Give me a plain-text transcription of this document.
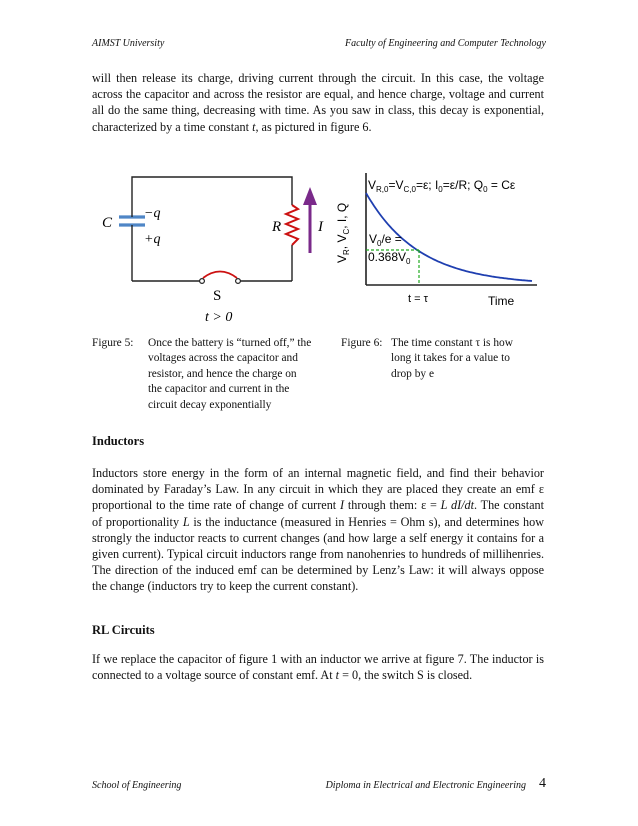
AIMST University	Faculty of Engineering and Computer Technology
will then release its charge, driving current through the circuit. In this case, the voltage across the capacitor and across the resistor are equal, and hence charge, voltage and current all do the same thing, decreasing with time. As you saw in class, this decay is exponential, characterized by a time constant t, as pictured in figure 6.
C
−q
+q
R I
S
t > 0
$V_R$, $V_C$, I, Q
$V_{R,0}=V_{C,0}=\varepsilon$; $I_0=\varepsilon/R$; $Q_0 = C\varepsilon$
$V_0/e$ =
$0.368V_0$
t = τ	Time
Figure 5: Once the battery is “turned off,” the
voltages across the capacitor and
resistor, and hence the charge on
the capacitor and current in the
circuit decay exponentially
Figure 6: The time constant τ is how
long it takes for a value to
drop by e
Inductors
Inductors store energy in the form of an internal magnetic field, and find their behavior dominated by Faraday’s Law. In any circuit in which they are placed they create an emf ε proportional to the time rate of change of current I through them: ε = L dI/dt. The constant of proportionality L is the inductance (measured in Henries = Ohm s), and determines how strongly the inductor reacts to current changes (and how large a self energy it contains for a given current). Typical circuit inductors range from nanohenries to hundreds of millihenries. The direction of the induced emf can be determined by Lenz’s Law: it will always oppose the change (inductors try to keep the current constant).
RL Circuits
If we replace the capacitor of figure 1 with an inductor we arrive at figure 7. The inductor is connected to a voltage source of constant emf. At t = 0, the switch S is closed.
School of Engineering	Diploma in Electrical and Electronic Engineering 4
